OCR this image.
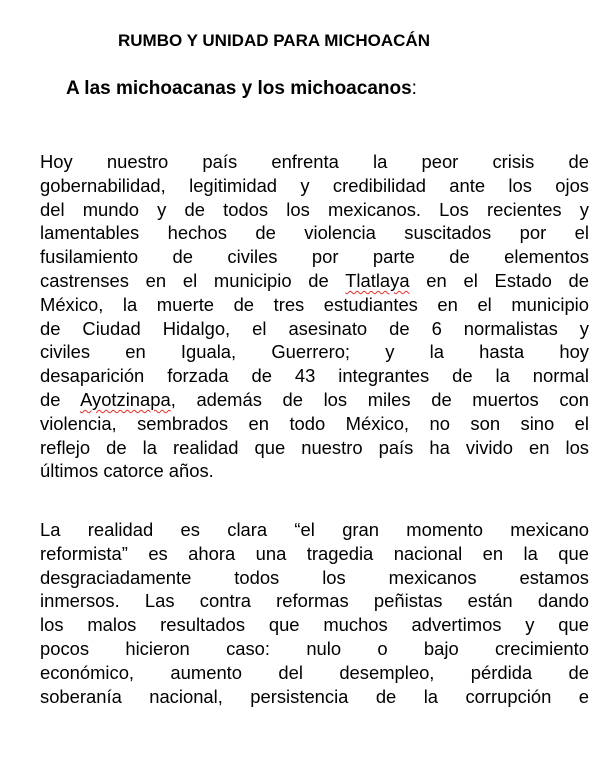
RUMBO Y UNIDAD PARA MICHOACÁN

A las michoacanas y los michoacanos:

Hoy nuestro país enfrenta la peor crisis de
gobernabilidad, legitimidad y credibilidad ante los ojos
del mundo y de todos los mexicanos. Los recientes y
lamentables hechos de violencia suscitados por el
fusilamiento de civiles por parte de elementos
castrenses en el municipio de Tlatlaya en el Estado de
México, la muerte de tres estudiantes en el municipio
de Ciudad Hidalgo, el asesinato de 6 normalistas y
civiles en Iguala, Guerrero; y la hasta hoy
desaparición forzada de 43 integrantes de la normal
de Ayotzinapa, además de los miles de muertos con
violencia, sembrados en todo México, no son sino el
reflejo de la realidad que nuestro país ha vivido en los
últimos catorce años.
La realidad es clara “el gran momento mexicano
reformista” es ahora una tragedia nacional en la que
desgraciadamente todos los mexicanos estamos
inmersos. Las contra reformas peñistas están dando
los malos resultados que muchos advertimos y que
pocos hicieron caso: nulo o bajo crecimiento
económico, aumento del desempleo, pérdida de
soberanía nacional, persistencia de la corrupción e
